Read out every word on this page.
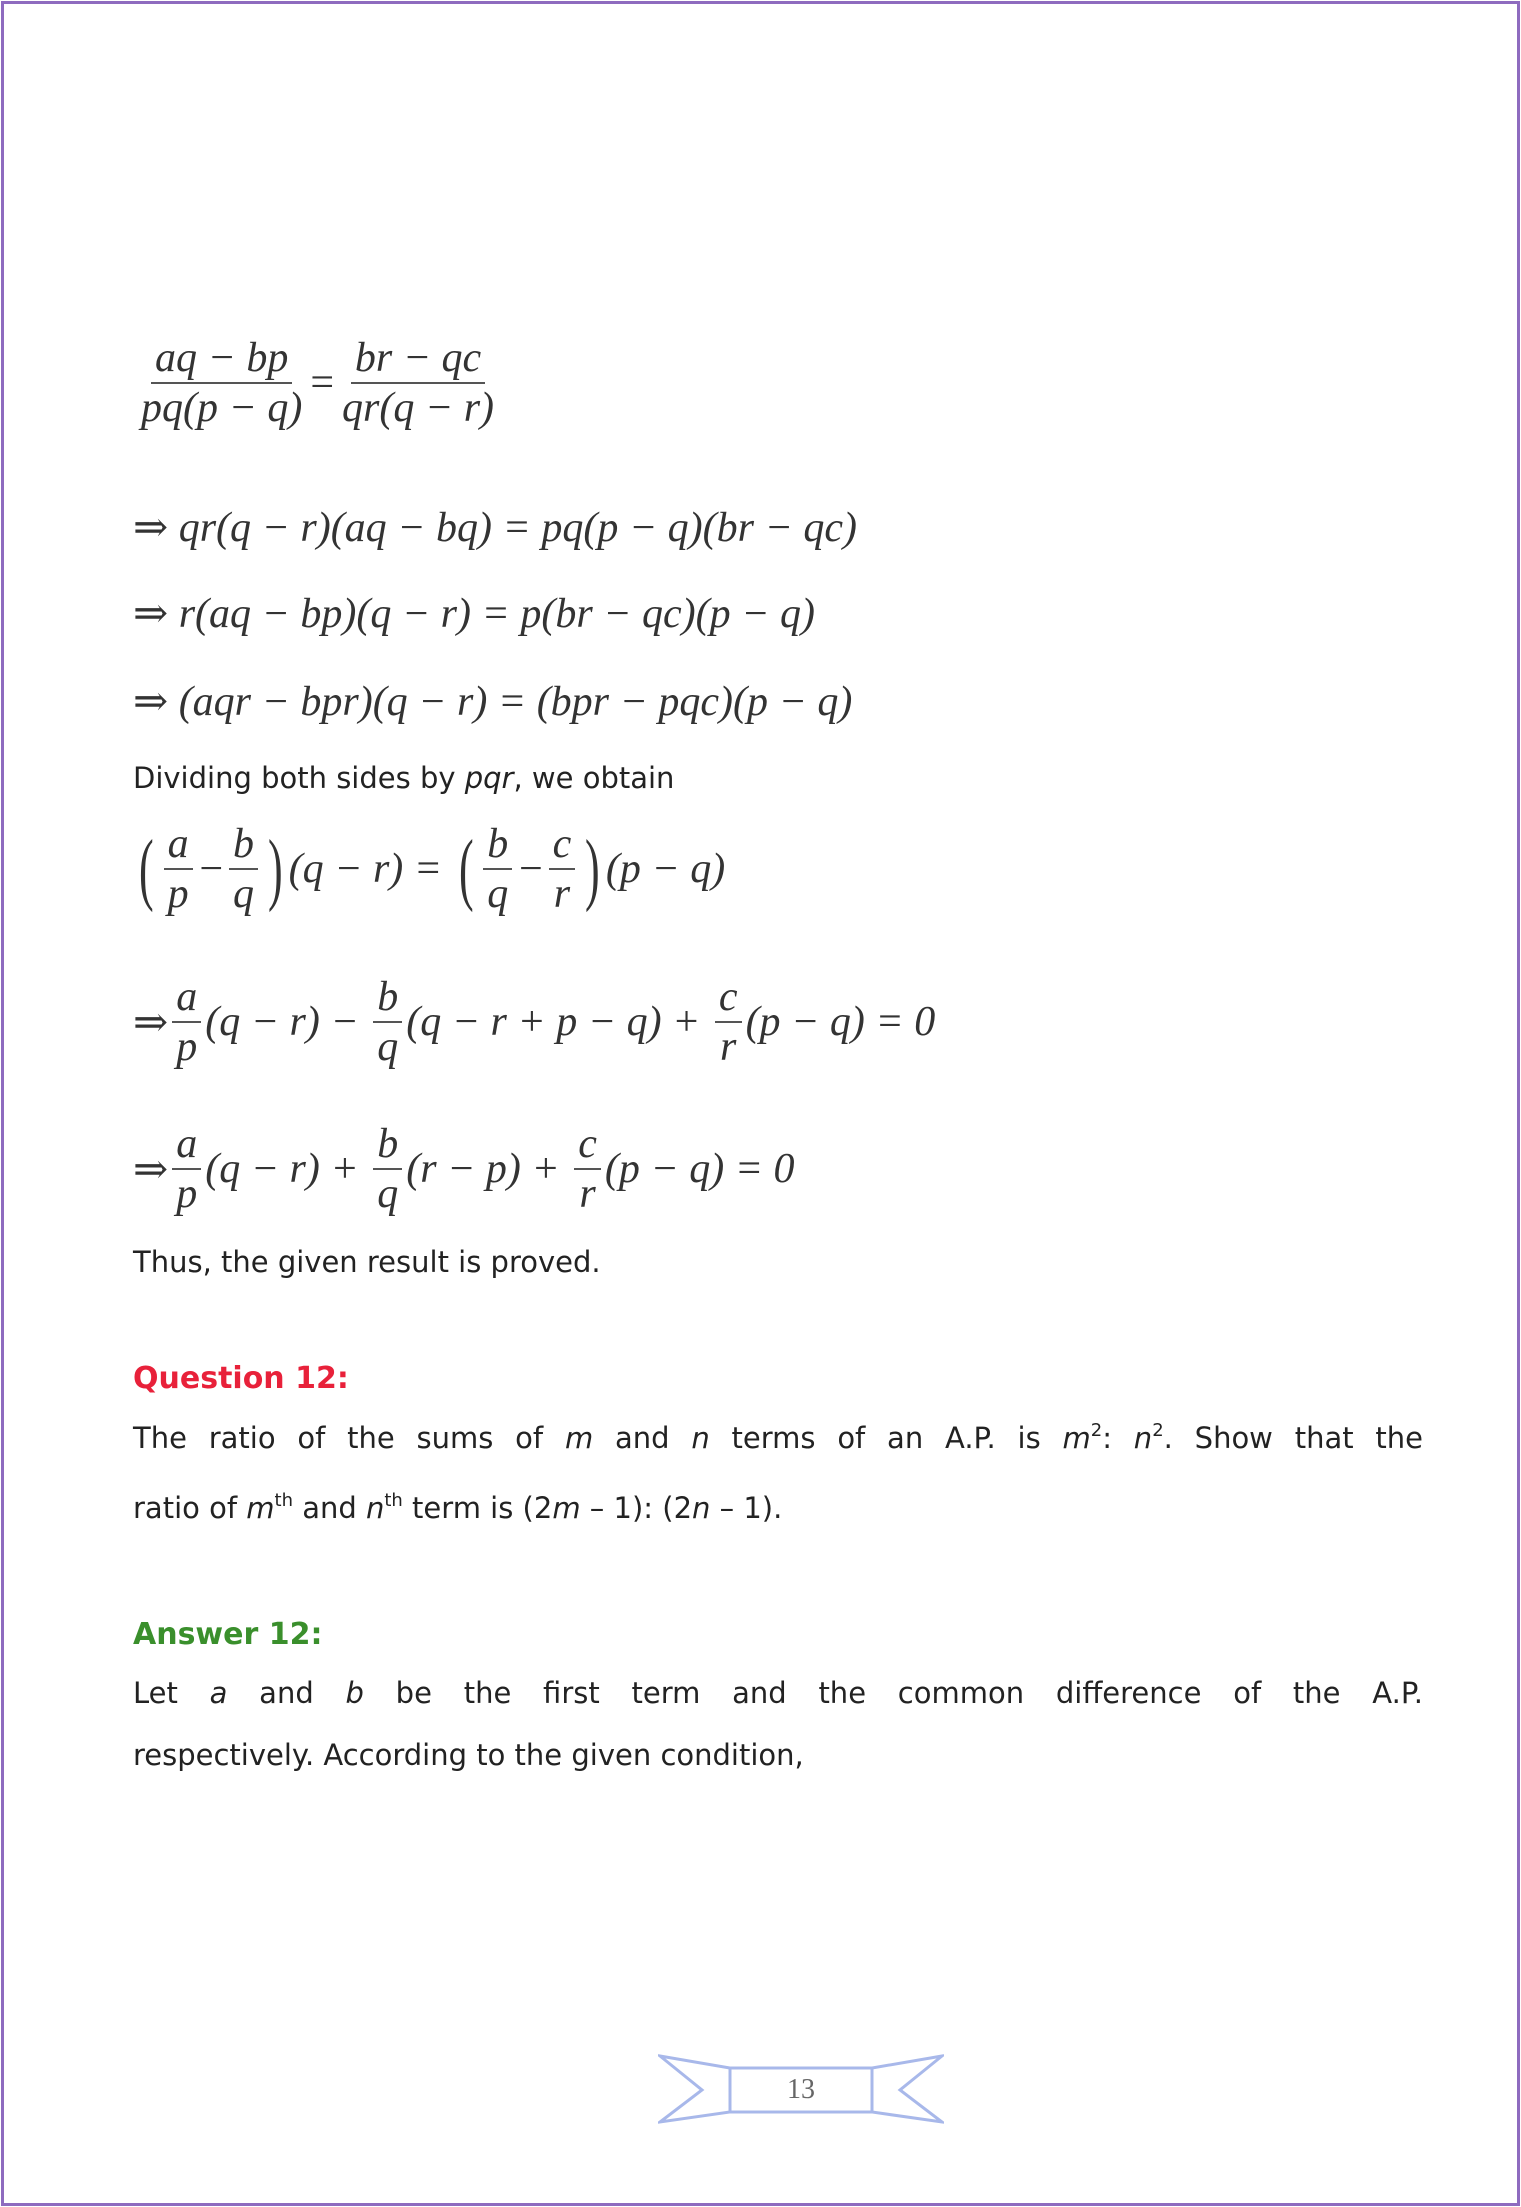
$\frac{aq - bp}{pq(p - q)} = \frac{br - qc}{qr(q - r)}$
⇒ qr(q − r)(aq − bq) = pq(p − q)(br − qc)
⇒ r(aq − bp)(q − r) = p(br − qc)(p − q)
⇒ (aqr − bpr)(q − r) = (bpr − pqc)(p − q)
Dividing both sides by pqr, we obtain
( $\frac{a}{p} - \frac{b}{q}$ ) (q − r) = ( $\frac{b}{q} - \frac{c}{r}$ ) (p − q)
⇒ $\frac{a}{p} (q - r) - \frac{b}{q} (q - r + p - q) + \frac{c}{r} (p - q) = 0$
⇒ $\frac{a}{p} (q - r) + \frac{b}{q} (r - p) + \frac{c}{r} (p - q) = 0$
Thus, the given result is proved.
Question 12:
The ratio of the sums of m and n terms of an A.P. is $m^2$: $n^2$. Show that the
ratio of $m^{th}$ and $n^{th}$ term is (2m – 1): (2n – 1).
Answer 12:
Let a and b be the first term and the common difference of the A.P.
respectively. According to the given condition,
13
